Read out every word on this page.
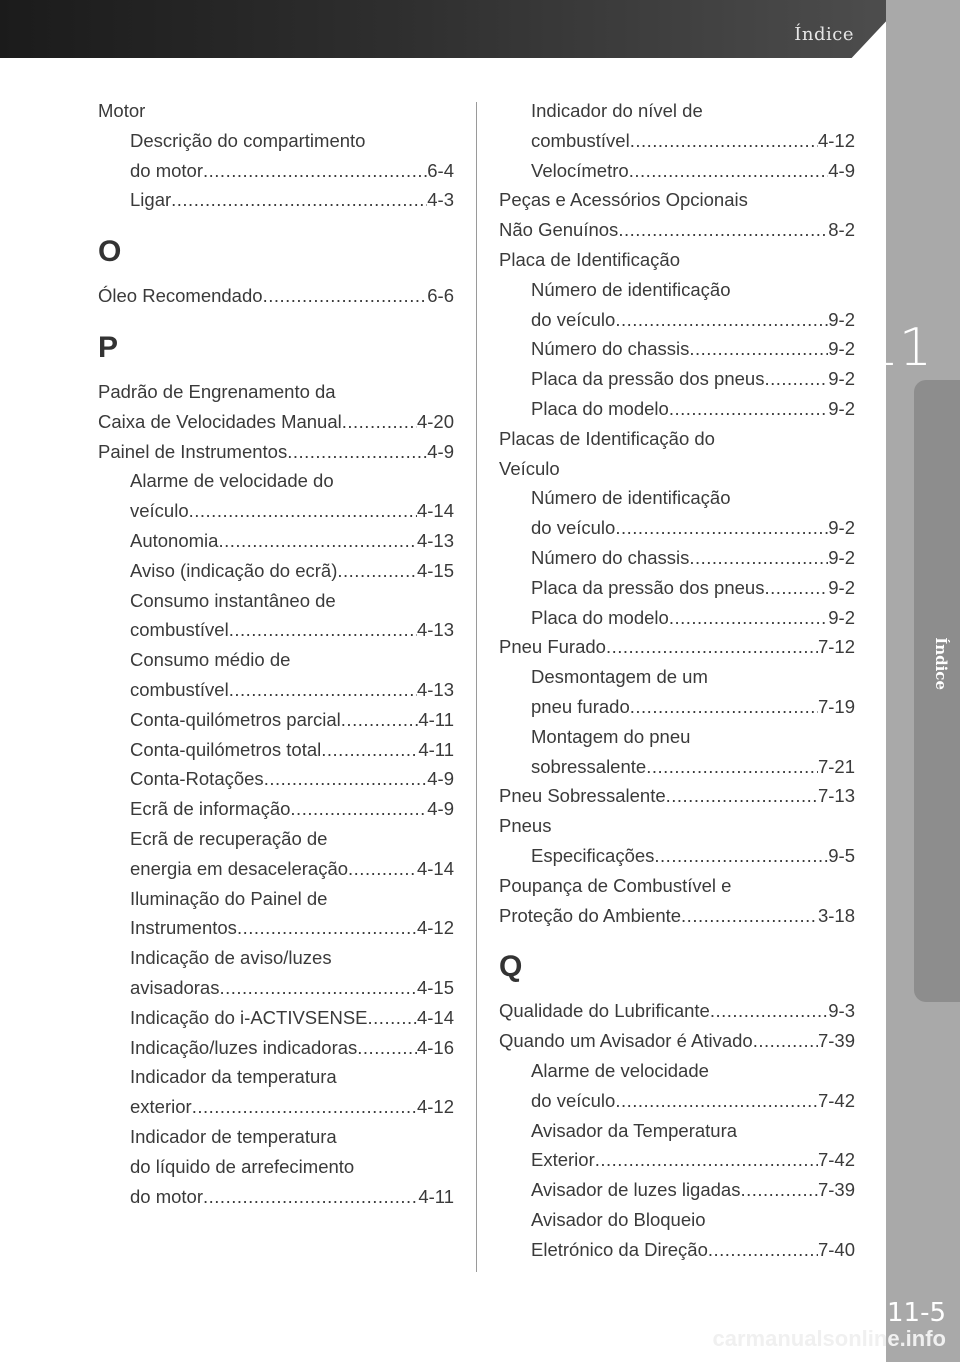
Índice
11
Índice
11-5
carmanualsonline.info
Motor
Descrição do compartimento
do motor .....	6-4
Ligar .....	4-3
O
Óleo Recomendado .....	6-6
P
Padrão de Engrenamento da
Caixa de Velocidades Manual .....	4-20
Painel de Instrumentos .....	4-9
Alarme de velocidade do
veículo .....	4-14
Autonomia .....	4-13
Aviso (indicação do ecrã) .....	4-15
Consumo instantâneo de
combustível .....	4-13
Consumo médio de
combustível .....	4-13
Conta-quilómetros parcial .....	4-11
Conta-quilómetros total .....	4-11
Conta-Rotações .....	4-9
Ecrã de informação .....	4-9
Ecrã de recuperação de
energia em desaceleração .....	4-14
Iluminação do Painel de
Instrumentos .....	4-12
Indicação de aviso/luzes
avisadoras .....	4-15
Indicação do i-ACTIVSENSE .....	4-14
Indicação/luzes indicadoras .....	4-16
Indicador da temperatura
exterior .....	4-12
Indicador de temperatura
do líquido de arrefecimento
do motor .....	4-11
Indicador do nível de
combustível .....	4-12
Velocímetro .....	4-9
Peças e Acessórios Opcionais
Não Genuínos .....	8-2
Placa de Identificação
Número de identificação
do veículo .....	9-2
Número do chassis .....	9-2
Placa da pressão dos pneus .....	9-2
Placa do modelo .....	9-2
Placas de Identificação do
Veículo
Número de identificação
do veículo .....	9-2
Número do chassis .....	9-2
Placa da pressão dos pneus .....	9-2
Placa do modelo .....	9-2
Pneu Furado .....	7-12
Desmontagem de um
pneu furado .....	7-19
Montagem do pneu
sobressalente .....	7-21
Pneu Sobressalente .....	7-13
Pneus
Especificações .....	9-5
Poupança de Combustível e
Proteção do Ambiente .....	3-18
Q
Qualidade do Lubrificante .....	9-3
Quando um Avisador é Ativado .....	7-39
Alarme de velocidade
do veículo .....	7-42
Avisador da Temperatura
Exterior .....	7-42
Avisador de luzes ligadas .....	7-39
Avisador do Bloqueio
Eletrónico da Direção .....	7-40
